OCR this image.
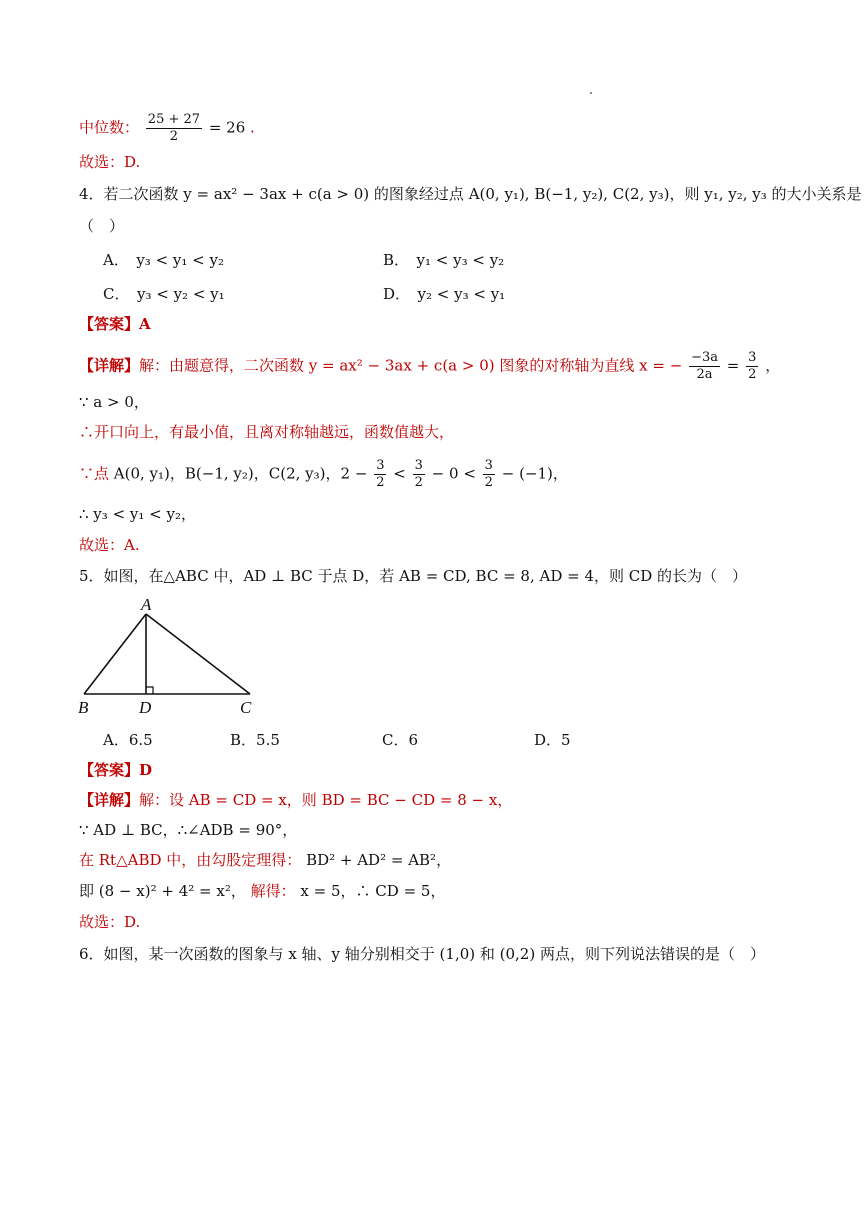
中位数： $\frac{25 + 27}{2} = 26$ .
故选：D.
4．若二次函数 y = ax² − 3ax + c(a > 0) 的图象经过点 A(0, y₁), B(−1, y₂), C(2, y₃)，则 y₁, y₂, y₃ 的大小关系是
（　）
A．　y₃ < y₁ < y₂	B．　y₁ < y₃ < y₂
C．　y₃ < y₂ < y₁	D．　y₂ < y₃ < y₁
【答案】A
【详解】解：由题意得，二次函数 y = ax² − 3ax + c(a > 0) 图象的对称轴为直线 x = − $\frac{-3a}{2a} = \frac{3}{2}$ ，
∵ a > 0，
∴开口向上，有最小值，且离对称轴越远，函数值越大，
∵点 A(0, y₁)，B(−1, y₂)，C(2, y₃)，$2 - \frac{3}{2} < \frac{3}{2} - 0 < \frac{3}{2} - (-1)$，
∴ y₃ < y₁ < y₂，
故选：A.
5．如图，在△ABC 中，AD ⊥ BC 于点 D，若 AB = CD, BC = 8, AD = 4，则 CD 的长为（　）
A
B	D	C
A．6.5	B．5.5	C．6	D．5
【答案】D
【详解】解：设 AB = CD = x，则 BD = BC − CD = 8 − x，
∵ AD ⊥ BC，∴∠ADB = 90°，
在 Rt△ABD 中，由勾股定理得： BD² + AD² = AB²，
即 (8 − x)² + 4² = x²， 解得： x = 5，∴ CD = 5，
故选：D.
6．如图，某一次函数的图象与 x 轴、y 轴分别相交于 (1,0) 和 (0,2) 两点，则下列说法错误的是（　）
